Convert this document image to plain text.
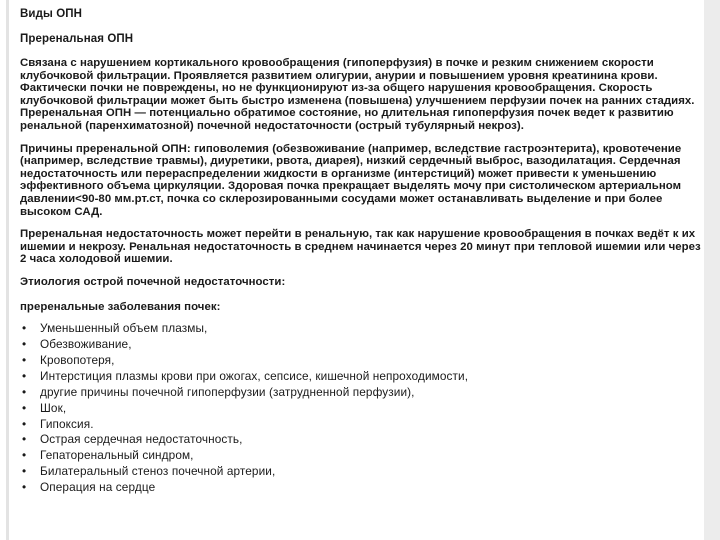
Виды ОПН
Преренальная ОПН

Связана с нарушением кортикального кровообращения (гипоперфузия) в почке и резким снижением скорости клубочковой фильтрации. Проявляется развитием олигурии, анурии и повышением уровня креатинина крови. Фактически почки не повреждены, но не функционируют из-за общего нарушения кровообращения. Скорость клубочковой фильтрации может быть быстро изменена (повышена) улучшением перфузии почек на ранних стадиях. Преренальная ОПН — потенциально обратимое состояние, но длительная гипоперфузия почек ведет к развитию ренальной (паренхиматозной) почечной недостаточности (острый тубулярный некроз).

Причины преренальной ОПН: гиповолемия (обезвоживание (например, вследствие гастроэнтерита), кровотечение (например, вследствие травмы), диуретики, рвота, диарея), низкий сердечный выброс, вазодилатация. Сердечная недостаточность или перераспределении жидкости в организме (интерстиций) может привести к уменьшению эффективного объема циркуляции. Здоровая почка прекращает выделять мочу при систолическом артериальном давлении<90-80 мм.рт.ст, почка со склерозированными сосудами может останавливать выделение и при более высоком САД.

Преренальная недостаточность может перейти в ренальную, так как нарушение кровообращения в почках ведёт к их ишемии и некрозу. Ренальная недостаточность в среднем начинается через 20 минут при тепловой ишемии или через 2 часа холодовой ишемии.

Этиология острой почечной недостаточности:

преренальные заболевания почек:

• Уменьшенный объем плазмы,
• Обезвоживание,
• Кровопотеря,
• Интерстиция плазмы крови при ожогах, сепсисе, кишечной непроходимости,
• другие причины почечной гипоперфузии (затрудненной перфузии),
• Шок,
• Гипоксия.
• Острая сердечная недостаточность,
• Гепаторенальный синдром,
• Билатеральный стеноз почечной артерии,
• Операция на сердце
